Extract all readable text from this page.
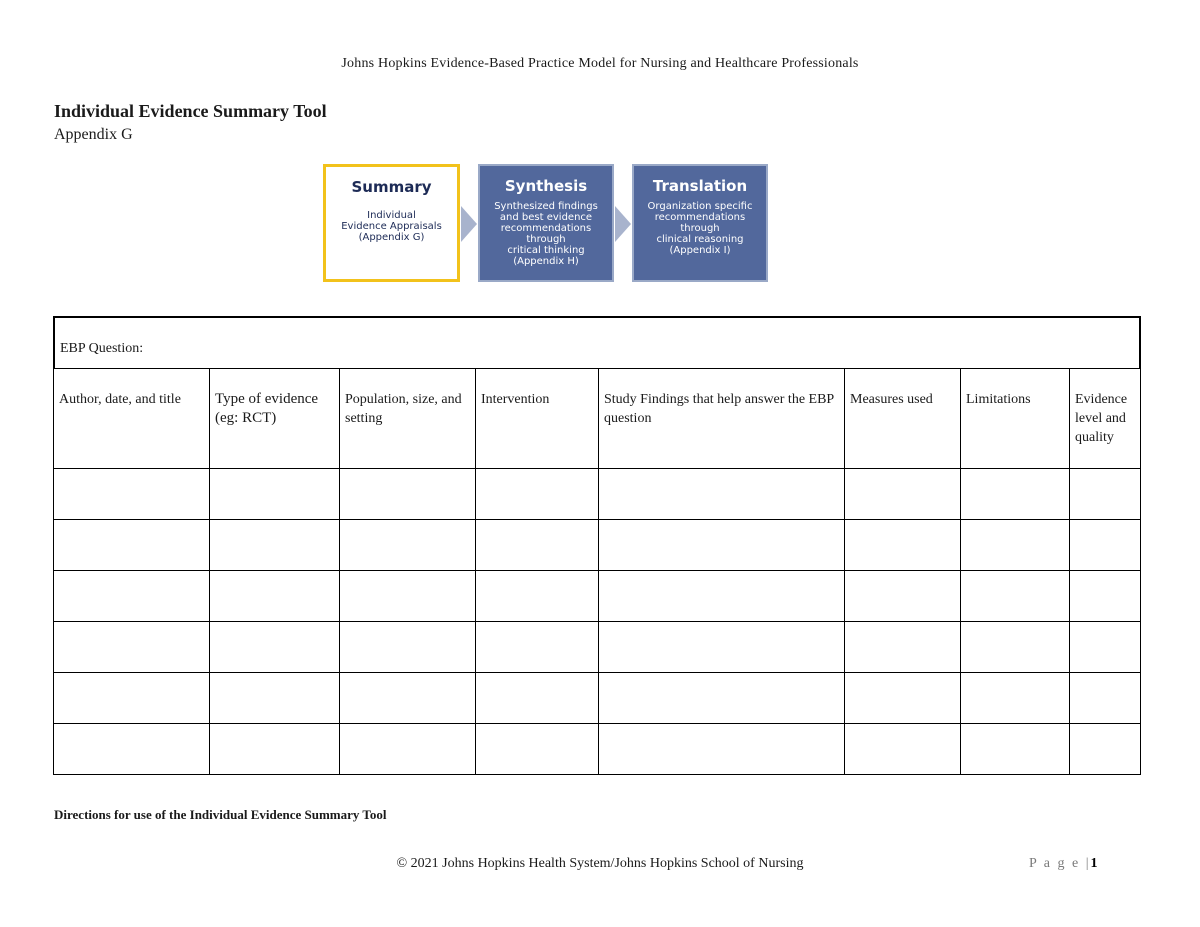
Johns Hopkins Evidence-Based Practice Model for Nursing and Healthcare Professionals
Individual Evidence Summary Tool
Appendix G
Summary
Individual
Evidence Appraisals
(Appendix G)
Synthesis
Synthesized findings
and best evidence
recommendations
through
critical thinking
(Appendix H)
Translation
Organization specific
recommendations
through
clinical reasoning
(Appendix I)
EBP Question:
Author, date, and title	Type of evidence (eg: RCT)	Population, size, and setting	Intervention	Study Findings that help answer the EBP question	Measures used	Limitations	Evidence level and quality

Directions for use of the Individual Evidence Summary Tool
© 2021 Johns Hopkins Health System/Johns Hopkins School of Nursing	P a g e |1
